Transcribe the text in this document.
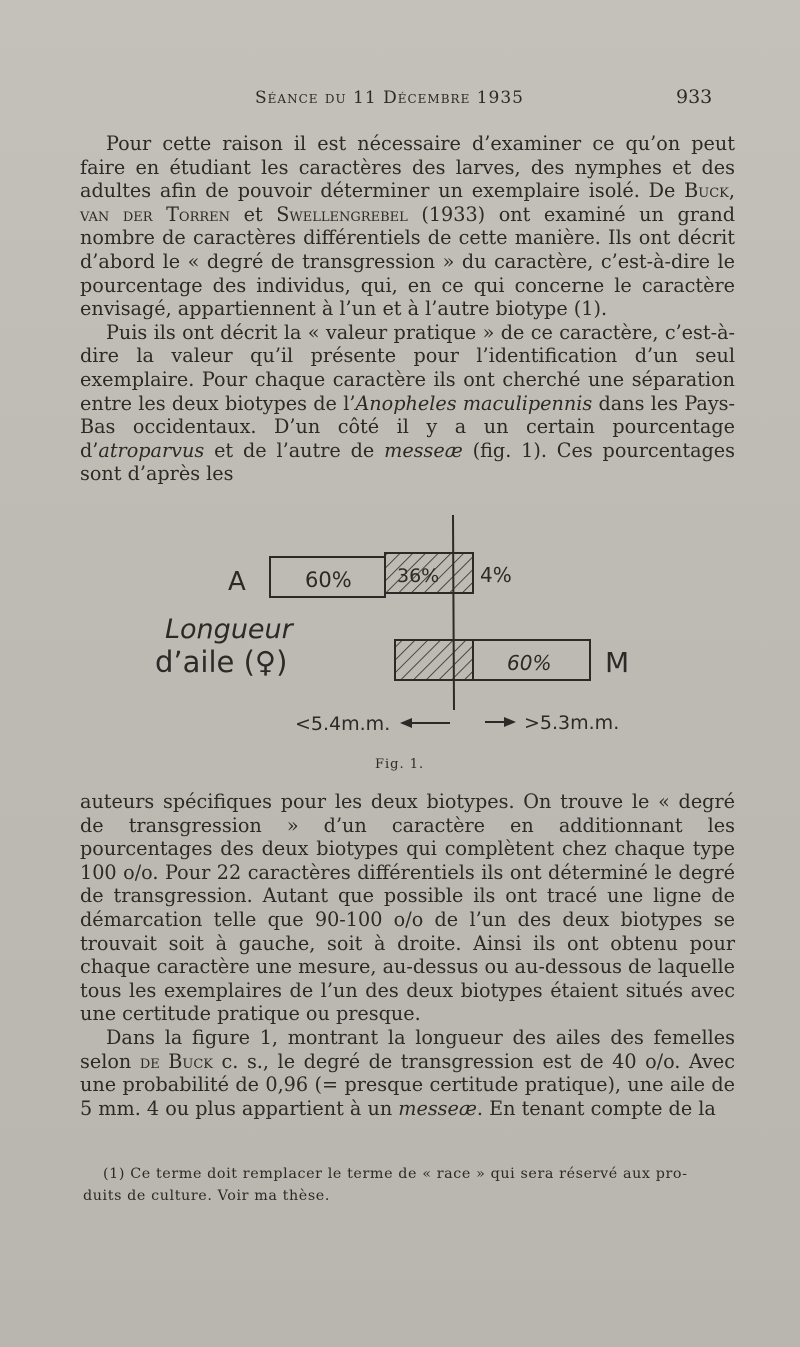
Séance du 11 Décembre 1935	933

Pour cette raison il est nécessaire d’examiner ce qu’on peut faire en étudiant les caractères des larves, des nymphes et des adultes afin de pouvoir déterminer un exemplaire isolé. De Buck, van der Torren et Swellengrebel (1933) ont examiné un grand nombre de caractères différentiels de cette manière. Ils ont décrit d’abord le « degré de transgression » du caractère, c’est-à-dire le pourcentage des individus, qui, en ce qui concerne le caractère envisagé, appartiennent à l’un et à l’autre biotype (1).

Puis ils ont décrit la « valeur pratique » de ce caractère, c’est-à-dire la valeur qu’il présente pour l’identification d’un seul exemplaire. Pour chaque caractère ils ont cherché une séparation entre les deux biotypes de l’Anopheles maculipennis dans les Pays-Bas occidentaux. D’un côté il y a un certain pourcentage d’atroparvus et de l’autre de messeæ (fig. 1). Ces pourcentages sont d’après les

60% 36% 4%
A
60% M
Longueur
d’aile (♀)
<5.4m.m.	>5.3m.m.
Fig. 1.

auteurs spécifiques pour les deux biotypes. On trouve le « degré de transgression » d’un caractère en additionnant les pourcentages des deux biotypes qui complètent chez chaque type 100 o/o. Pour 22 caractères différentiels ils ont déterminé le degré de transgression. Autant que possible ils ont tracé une ligne de démarcation telle que 90-100 o/o de l’un des deux biotypes se trouvait soit à gauche, soit à droite. Ainsi ils ont obtenu pour chaque caractère une mesure, au-dessus ou au-dessous de laquelle tous les exemplaires de l’un des deux biotypes étaient situés avec une certitude pratique ou presque.

Dans la figure 1, montrant la longueur des ailes des femelles selon de Buck c. s., le degré de transgression est de 40 o/o. Avec une probabilité de 0,96 (= presque certitude pratique), une aile de 5 mm. 4 ou plus appartient à un messeæ. En tenant compte de la

(1) Ce terme doit remplacer le terme de « race » qui sera réservé aux pro-
duits de culture. Voir ma thèse.
